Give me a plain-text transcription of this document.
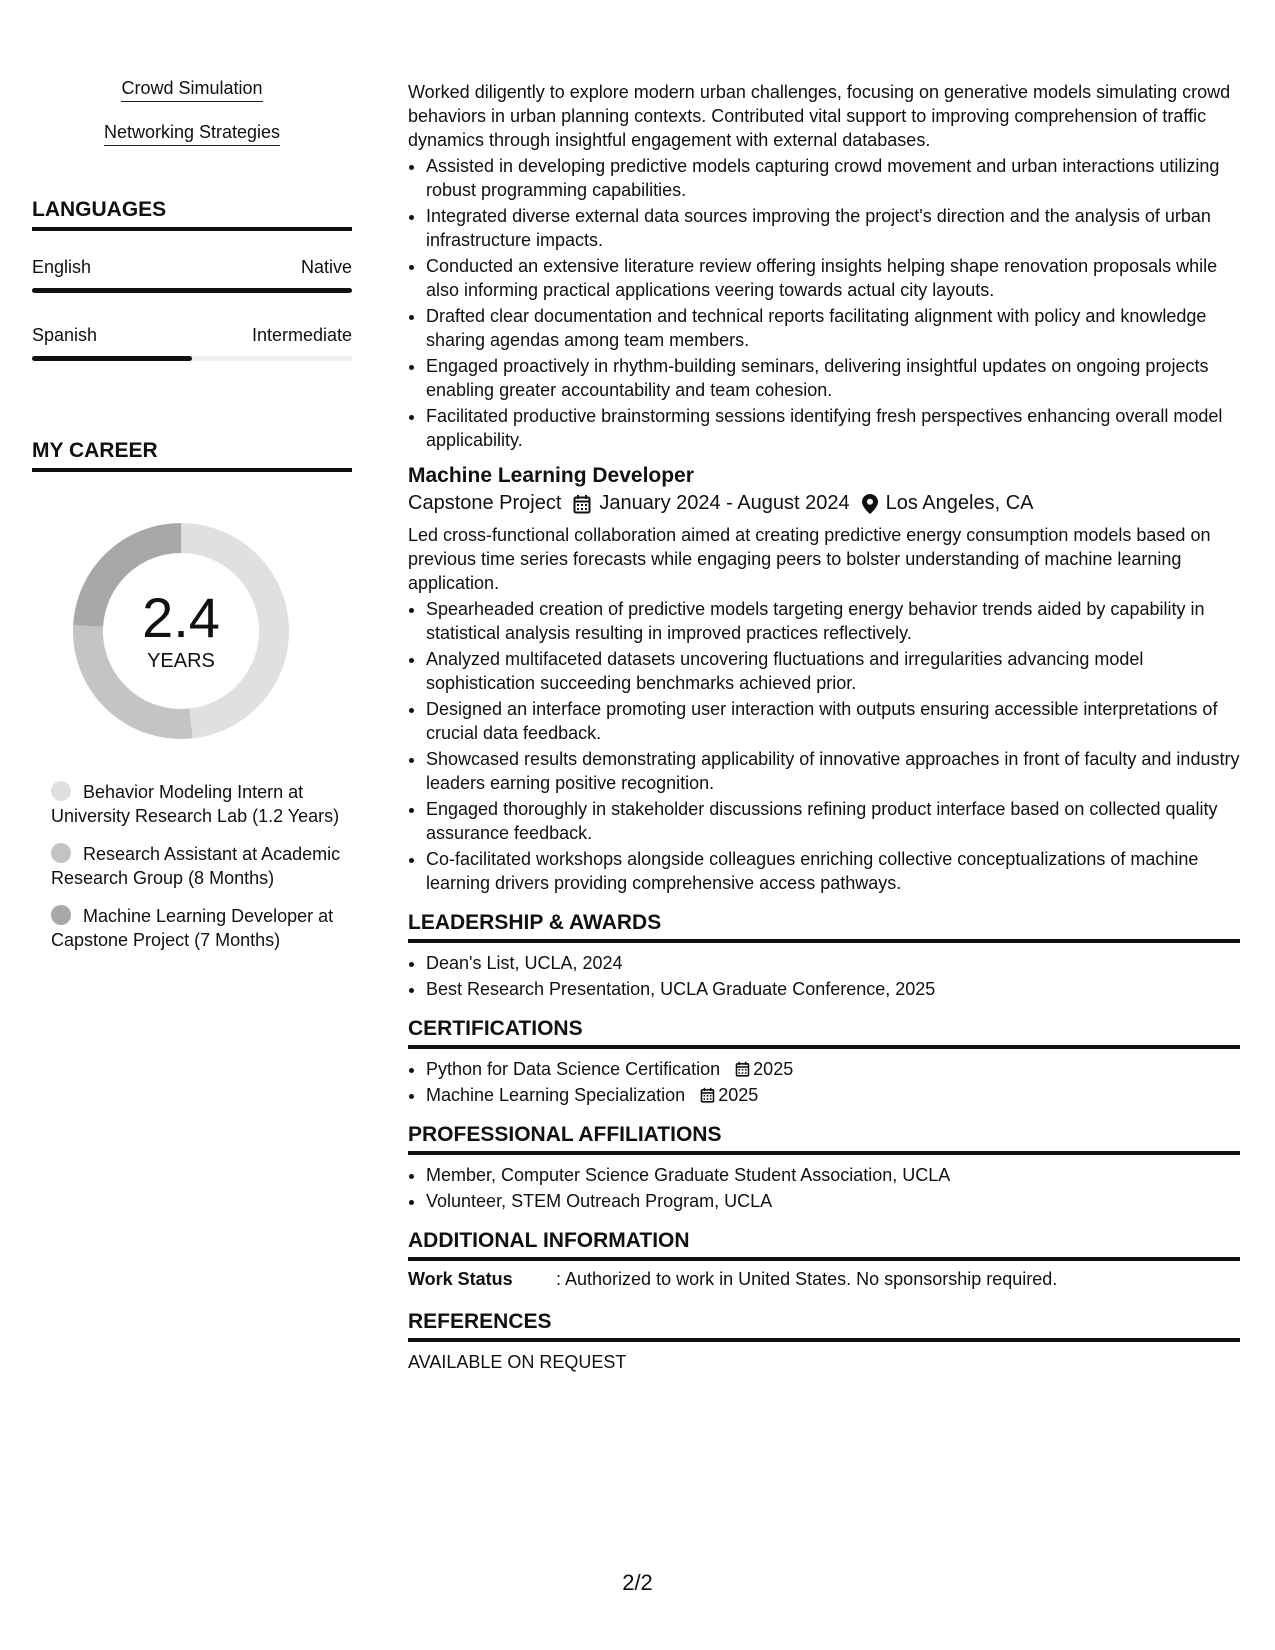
Crowd Simulation
Networking Strategies
LANGUAGES
English	Native
Spanish	Intermediate
MY CAREER
2.4
YEARS
Behavior Modeling Intern at University Research Lab (1.2 Years)
Research Assistant at Academic Research Group (8 Months)
Machine Learning Developer at Capstone Project (7 Months)

Worked diligently to explore modern urban challenges, focusing on generative models simulating crowd behaviors in urban planning contexts. Contributed vital support to improving comprehension of traffic dynamics through insightful engagement with external databases.

• Assisted in developing predictive models capturing crowd movement and urban interactions utilizing robust programming capabilities.
• Integrated diverse external data sources improving the project's direction and the analysis of urban infrastructure impacts.
• Conducted an extensive literature review offering insights helping shape renovation proposals while also informing practical applications veering towards actual city layouts.
• Drafted clear documentation and technical reports facilitating alignment with policy and knowledge sharing agendas among team members.
• Engaged proactively in rhythm-building seminars, delivering insightful updates on ongoing projects enabling greater accountability and team cohesion.
• Facilitated productive brainstorming sessions identifying fresh perspectives enhancing overall model applicability.
Machine Learning Developer
Capstone Project January 2024 - August 2024 Los Angeles, CA

Led cross-functional collaboration aimed at creating predictive energy consumption models based on previous time series forecasts while engaging peers to bolster understanding of machine learning application.

• Spearheaded creation of predictive models targeting energy behavior trends aided by capability in statistical analysis resulting in improved practices reflectively.
• Analyzed multifaceted datasets uncovering fluctuations and irregularities advancing model sophistication succeeding benchmarks achieved prior.
• Designed an interface promoting user interaction with outputs ensuring accessible interpretations of crucial data feedback.
• Showcased results demonstrating applicability of innovative approaches in front of faculty and industry leaders earning positive recognition.
• Engaged thoroughly in stakeholder discussions refining product interface based on collected quality assurance feedback.
• Co-facilitated workshops alongside colleagues enriching collective conceptualizations of machine learning drivers providing comprehensive access pathways.
LEADERSHIP & AWARDS
• Dean's List, UCLA, 2024
• Best Research Presentation, UCLA Graduate Conference, 2025
CERTIFICATIONS
• Python for Data Science Certification 2025
• Machine Learning Specialization 2025
PROFESSIONAL AFFILIATIONS
• Member, Computer Science Graduate Student Association, UCLA
• Volunteer, STEM Outreach Program, UCLA
ADDITIONAL INFORMATION
Work Status	: Authorized to work in United States. No sponsorship required.
REFERENCES

AVAILABLE ON REQUEST

2/2
